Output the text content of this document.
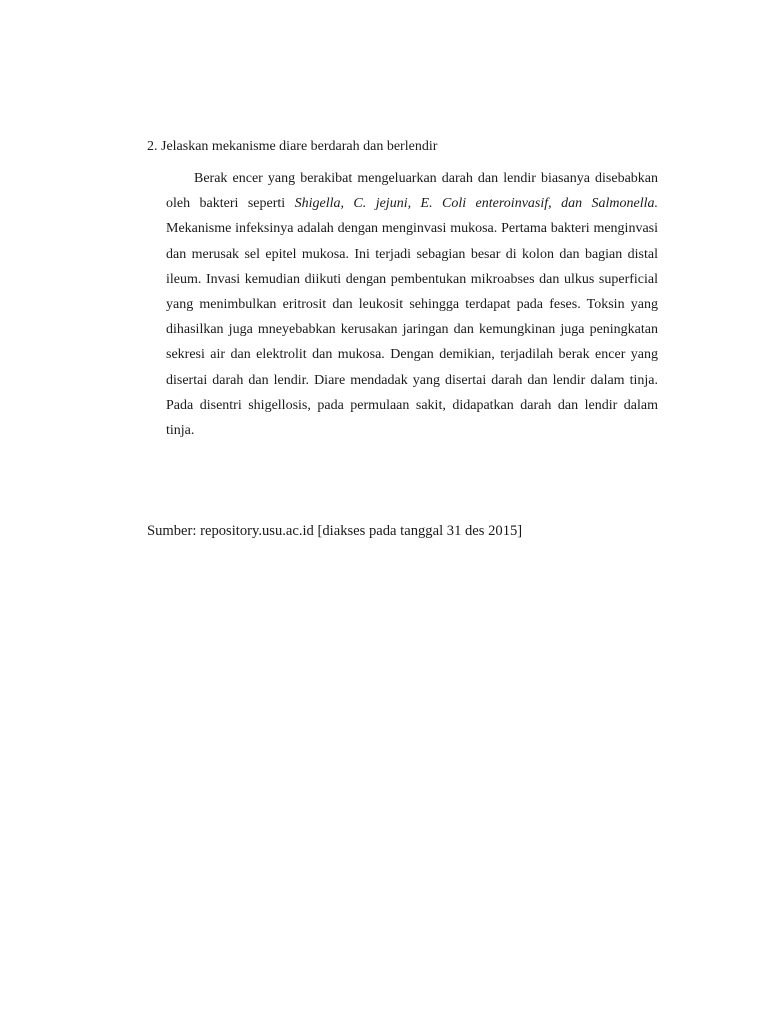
2. Jelaskan mekanisme diare berdarah dan berlendir

Berak encer yang berakibat mengeluarkan darah dan lendir biasanya disebabkan oleh bakteri seperti Shigella, C. jejuni, E. Coli enteroinvasif, dan Salmonella. Mekanisme infeksinya adalah dengan menginvasi mukosa. Pertama bakteri menginvasi dan merusak sel epitel mukosa. Ini terjadi sebagian besar di kolon dan bagian distal ileum. Invasi kemudian diikuti dengan pembentukan mikroabses dan ulkus superficial yang menimbulkan eritrosit dan leukosit sehingga terdapat pada feses. Toksin yang dihasilkan juga mneyebabkan kerusakan jaringan dan kemungkinan juga peningkatan sekresi air dan elektrolit dan mukosa. Dengan demikian, terjadilah berak encer yang disertai darah dan lendir. Diare mendadak yang disertai darah dan lendir dalam tinja. Pada disentri shigellosis, pada permulaan sakit, didapatkan darah dan lendir dalam tinja.

Sumber: repository.usu.ac.id [diakses pada tanggal 31 des 2015]
